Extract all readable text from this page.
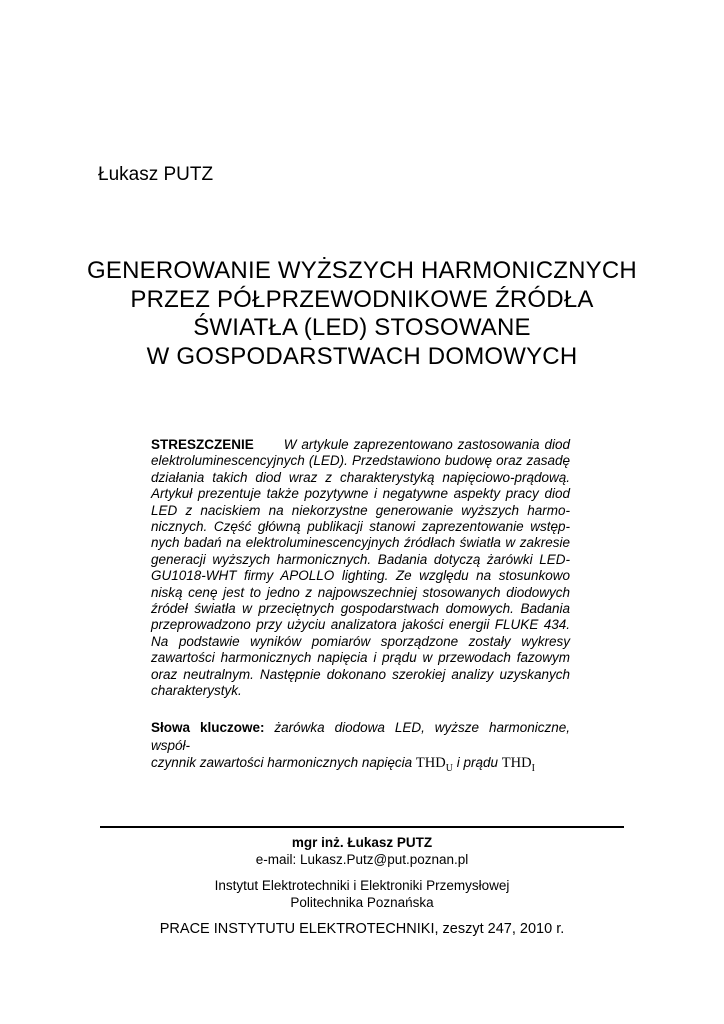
Łukasz PUTZ
GENEROWANIE WYŻSZYCH HARMONICZNYCH
PRZEZ PÓŁPRZEWODNIKOWE ŹRÓDŁA
ŚWIATŁA (LED) STOSOWANE
W GOSPODARSTWACH DOMOWYCH
STRESZCZENIE W artykule zaprezentowano zastosowania diod
elektroluminescencyjnych (LED). Przedstawiono budowę oraz zasadę
działania takich diod wraz z charakterystyką napięciowo-prądową.
Artykuł prezentuje także pozytywne i negatywne aspekty pracy diod
LED z naciskiem na niekorzystne generowanie wyższych harmo-
nicznych. Część główną publikacji stanowi zaprezentowanie wstęp-
nych badań na elektroluminescencyjnych źródłach światła w zakresie
generacji wyższych harmonicznych. Badania dotyczą żarówki LED-
GU1018-WHT firmy APOLLO lighting. Ze względu na stosunkowo
niską cenę jest to jedno z najpowszechniej stosowanych diodowych
źródeł światła w przeciętnych gospodarstwach domowych. Badania
przeprowadzono przy użyciu analizatora jakości energii FLUKE 434.
Na podstawie wyników pomiarów sporządzone zostały wykresy
zawartości harmonicznych napięcia i prądu w przewodach fazowym
oraz neutralnym. Następnie dokonano szerokiej analizy uzyskanych
charakterystyk.
Słowa kluczowe: żarówka diodowa LED, wyższe harmoniczne, współ-
czynnik zawartości harmonicznych napięcia $THD_U$ i prądu $THD_I$
mgr inż. Łukasz PUTZ
e-mail: Lukasz.Putz@put.poznan.pl
Instytut Elektrotechniki i Elektroniki Przemysłowej
Politechnika Poznańska
PRACE INSTYTUTU ELEKTROTECHNIKI, zeszyt 247, 2010 r.
